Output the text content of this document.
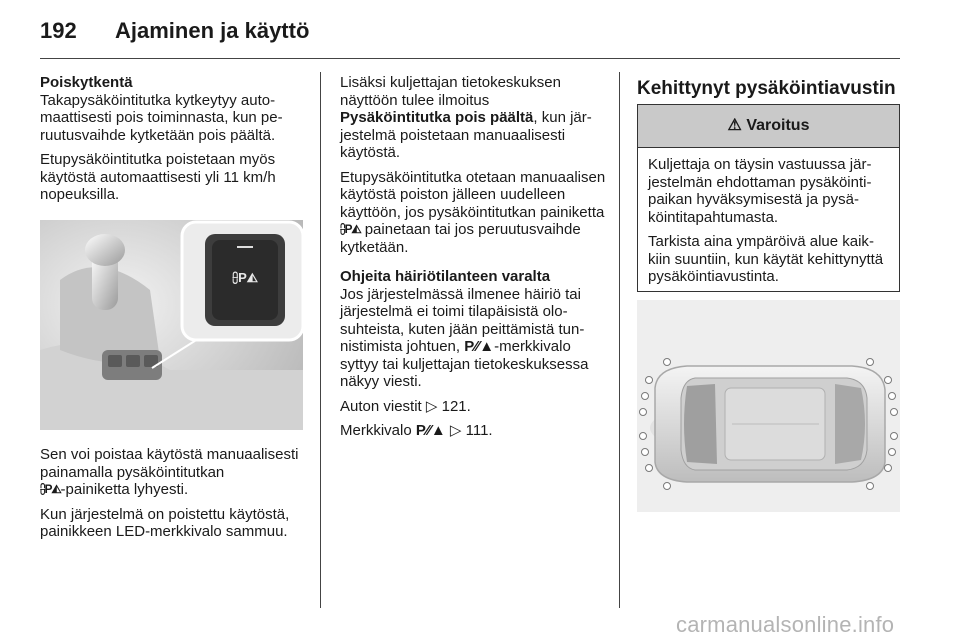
192 Ajaminen ja käyttö
Poiskytkentä

Takapysäköintitutka kytkeytyy automaattisesti pois toiminnasta, kun peruutusvaihde kytketään pois päältä.

Etupysäköintitutka poistetaan myös käytöstä automaattisesti yli 11 km/h nopeuksilla.

⩉P◭

Sen voi poistaa käytöstä manuaalisesti painamalla pysäköintitutkan
⩉P◭-painiketta lyhyesti.

Kun järjestelmä on poistettu käytöstä, painikkeen LED-merkkivalo sammuu.

Lisäksi kuljettajan tietokeskuksen näyttöön tulee ilmoitus
Pysäköintitutka pois päältä, kun järjestelmä poistetaan manuaalisesti käytöstä.

Etupysäköintitutka otetaan manuaalisen käytöstä poiston jälleen uudelleen käyttöön, jos pysäköintitutkan painiketta ⩉P◭ painetaan tai jos peruutusvaihde kytketään.

Ohjeita häiriötilanteen varalta

Jos järjestelmässä ilmenee häiriö tai järjestelmä ei toimi tilapäisistä olosuhteista, kuten jään peittämistä tunnistimista johtuen, P⁄⁄▲-merkkivalo syttyy tai kuljettajan tietokeskuksessa näkyy viesti.

Auton viestit ▷ 121.

Merkkivalo P⁄⁄▲ ▷ 111.

Kehittynyt pysäköintiavustin
⚠ Varoitus

Kuljettaja on täysin vastuussa järjestelmän ehdottaman pysäköintipaikan hyväksymisestä ja pysäköintitapahtumasta.

Tarkista aina ympäröivä alue kaikkiin suuntiin, kun käytät kehittynyttä pysäköintiavustinta.

carmanualsonline.info
